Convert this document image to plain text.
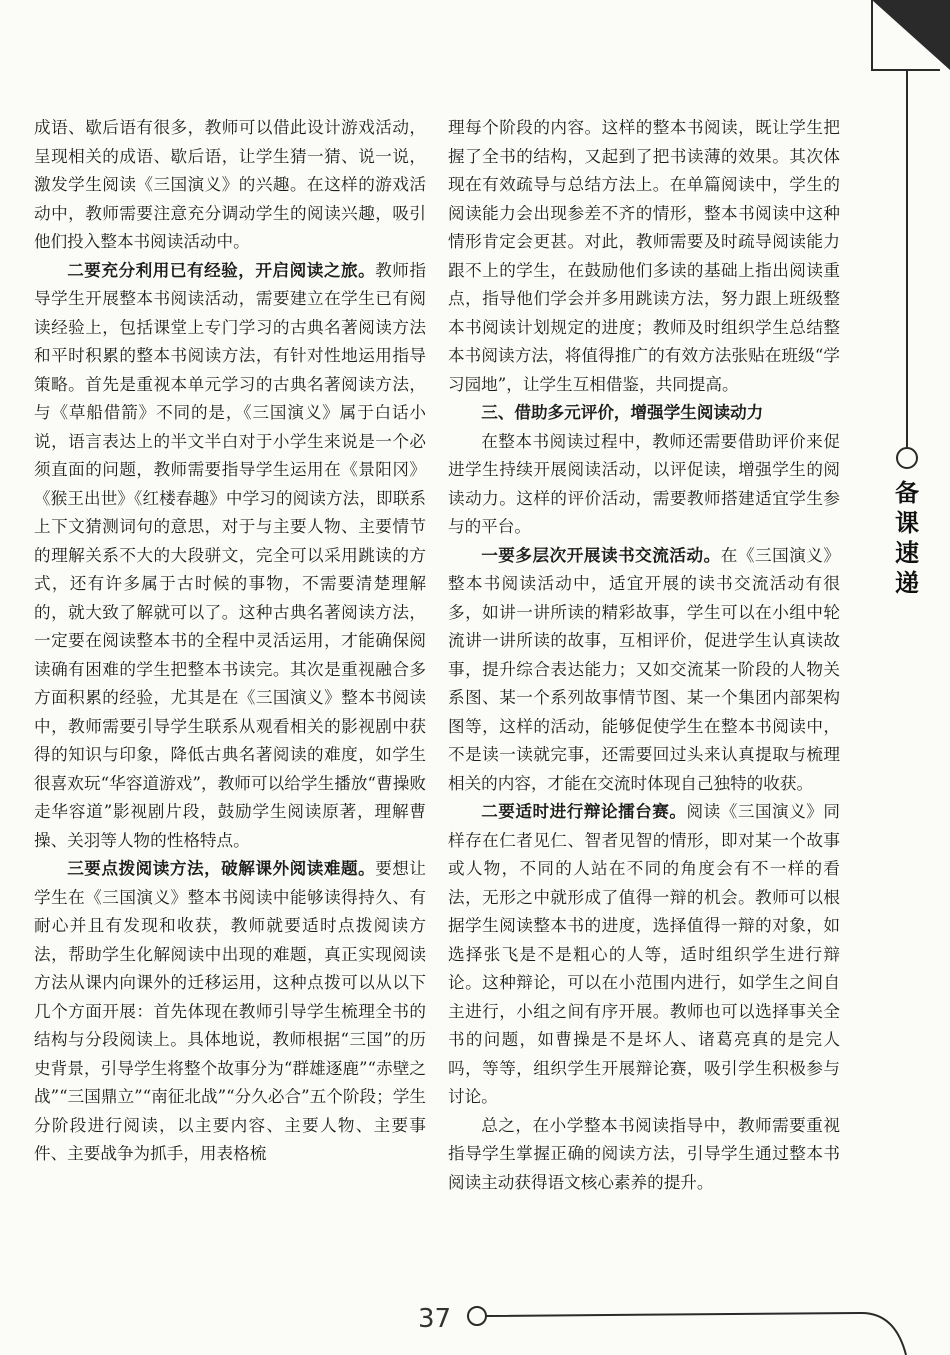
备课速递

成语、歇后语有很多，教师可以借此设计游戏活动，呈现相关的成语、歇后语，让学生猜一猜、说一说，激发学生阅读《三国演义》的兴趣。在这样的游戏活动中，教师需要注意充分调动学生的阅读兴趣，吸引他们投入整本书阅读活动中。

二要充分利用已有经验，开启阅读之旅。教师指导学生开展整本书阅读活动，需要建立在学生已有阅读经验上，包括课堂上专门学习的古典名著阅读方法和平时积累的整本书阅读方法，有针对性地运用指导策略。首先是重视本单元学习的古典名著阅读方法，与《草船借箭》不同的是，《三国演义》属于白话小说，语言表达上的半文半白对于小学生来说是一个必须直面的问题，教师需要指导学生运用在《景阳冈》《猴王出世》《红楼春趣》中学习的阅读方法，即联系上下文猜测词句的意思，对于与主要人物、主要情节的理解关系不大的大段骈文，完全可以采用跳读的方式，还有许多属于古时候的事物，不需要清楚理解的，就大致了解就可以了。这种古典名著阅读方法，一定要在阅读整本书的全程中灵活运用，才能确保阅读确有困难的学生把整本书读完。其次是重视融合多方面积累的经验，尤其是在《三国演义》整本书阅读中，教师需要引导学生联系从观看相关的影视剧中获得的知识与印象，降低古典名著阅读的难度，如学生很喜欢玩“华容道游戏”，教师可以给学生播放“曹操败走华容道”影视剧片段，鼓励学生阅读原著，理解曹操、关羽等人物的性格特点。

三要点拨阅读方法，破解课外阅读难题。要想让学生在《三国演义》整本书阅读中能够读得持久、有耐心并且有发现和收获，教师就要适时点拨阅读方法，帮助学生化解阅读中出现的难题，真正实现阅读方法从课内向课外的迁移运用，这种点拨可以从以下几个方面开展：首先体现在教师引导学生梳理全书的结构与分段阅读上。具体地说，教师根据“三国”的历史背景，引导学生将整个故事分为“群雄逐鹿”“赤壁之战”“三国鼎立”“南征北战”“分久必合”五个阶段；学生分阶段进行阅读，以主要内容、主要人物、主要事件、主要战争为抓手，用表格梳

理每个阶段的内容。这样的整本书阅读，既让学生把握了全书的结构，又起到了把书读薄的效果。其次体现在有效疏导与总结方法上。在单篇阅读中，学生的阅读能力会出现参差不齐的情形，整本书阅读中这种情形肯定会更甚。对此，教师需要及时疏导阅读能力跟不上的学生，在鼓励他们多读的基础上指出阅读重点，指导他们学会并多用跳读方法，努力跟上班级整本书阅读计划规定的进度；教师及时组织学生总结整本书阅读方法，将值得推广的有效方法张贴在班级“学习园地”，让学生互相借鉴，共同提高。

三、借助多元评价，增强学生阅读动力

在整本书阅读过程中，教师还需要借助评价来促进学生持续开展阅读活动，以评促读，增强学生的阅读动力。这样的评价活动，需要教师搭建适宜学生参与的平台。

一要多层次开展读书交流活动。在《三国演义》整本书阅读活动中，适宜开展的读书交流活动有很多，如讲一讲所读的精彩故事，学生可以在小组中轮流讲一讲所读的故事，互相评价，促进学生认真读故事，提升综合表达能力；又如交流某一阶段的人物关系图、某一个系列故事情节图、某一个集团内部架构图等，这样的活动，能够促使学生在整本书阅读中，不是读一读就完事，还需要回过头来认真提取与梳理相关的内容，才能在交流时体现自己独特的收获。

二要适时进行辩论擂台赛。阅读《三国演义》同样存在仁者见仁、智者见智的情形，即对某一个故事或人物，不同的人站在不同的角度会有不一样的看法，无形之中就形成了值得一辩的机会。教师可以根据学生阅读整本书的进度，选择值得一辩的对象，如选择张飞是不是粗心的人等，适时组织学生进行辩论。这种辩论，可以在小范围内进行，如学生之间自主进行，小组之间有序开展。教师也可以选择事关全书的问题，如曹操是不是坏人、诸葛亮真的是完人吗，等等，组织学生开展辩论赛，吸引学生积极参与讨论。

总之，在小学整本书阅读指导中，教师需要重视指导学生掌握正确的阅读方法，引导学生通过整本书阅读主动获得语文核心素养的提升。

37
